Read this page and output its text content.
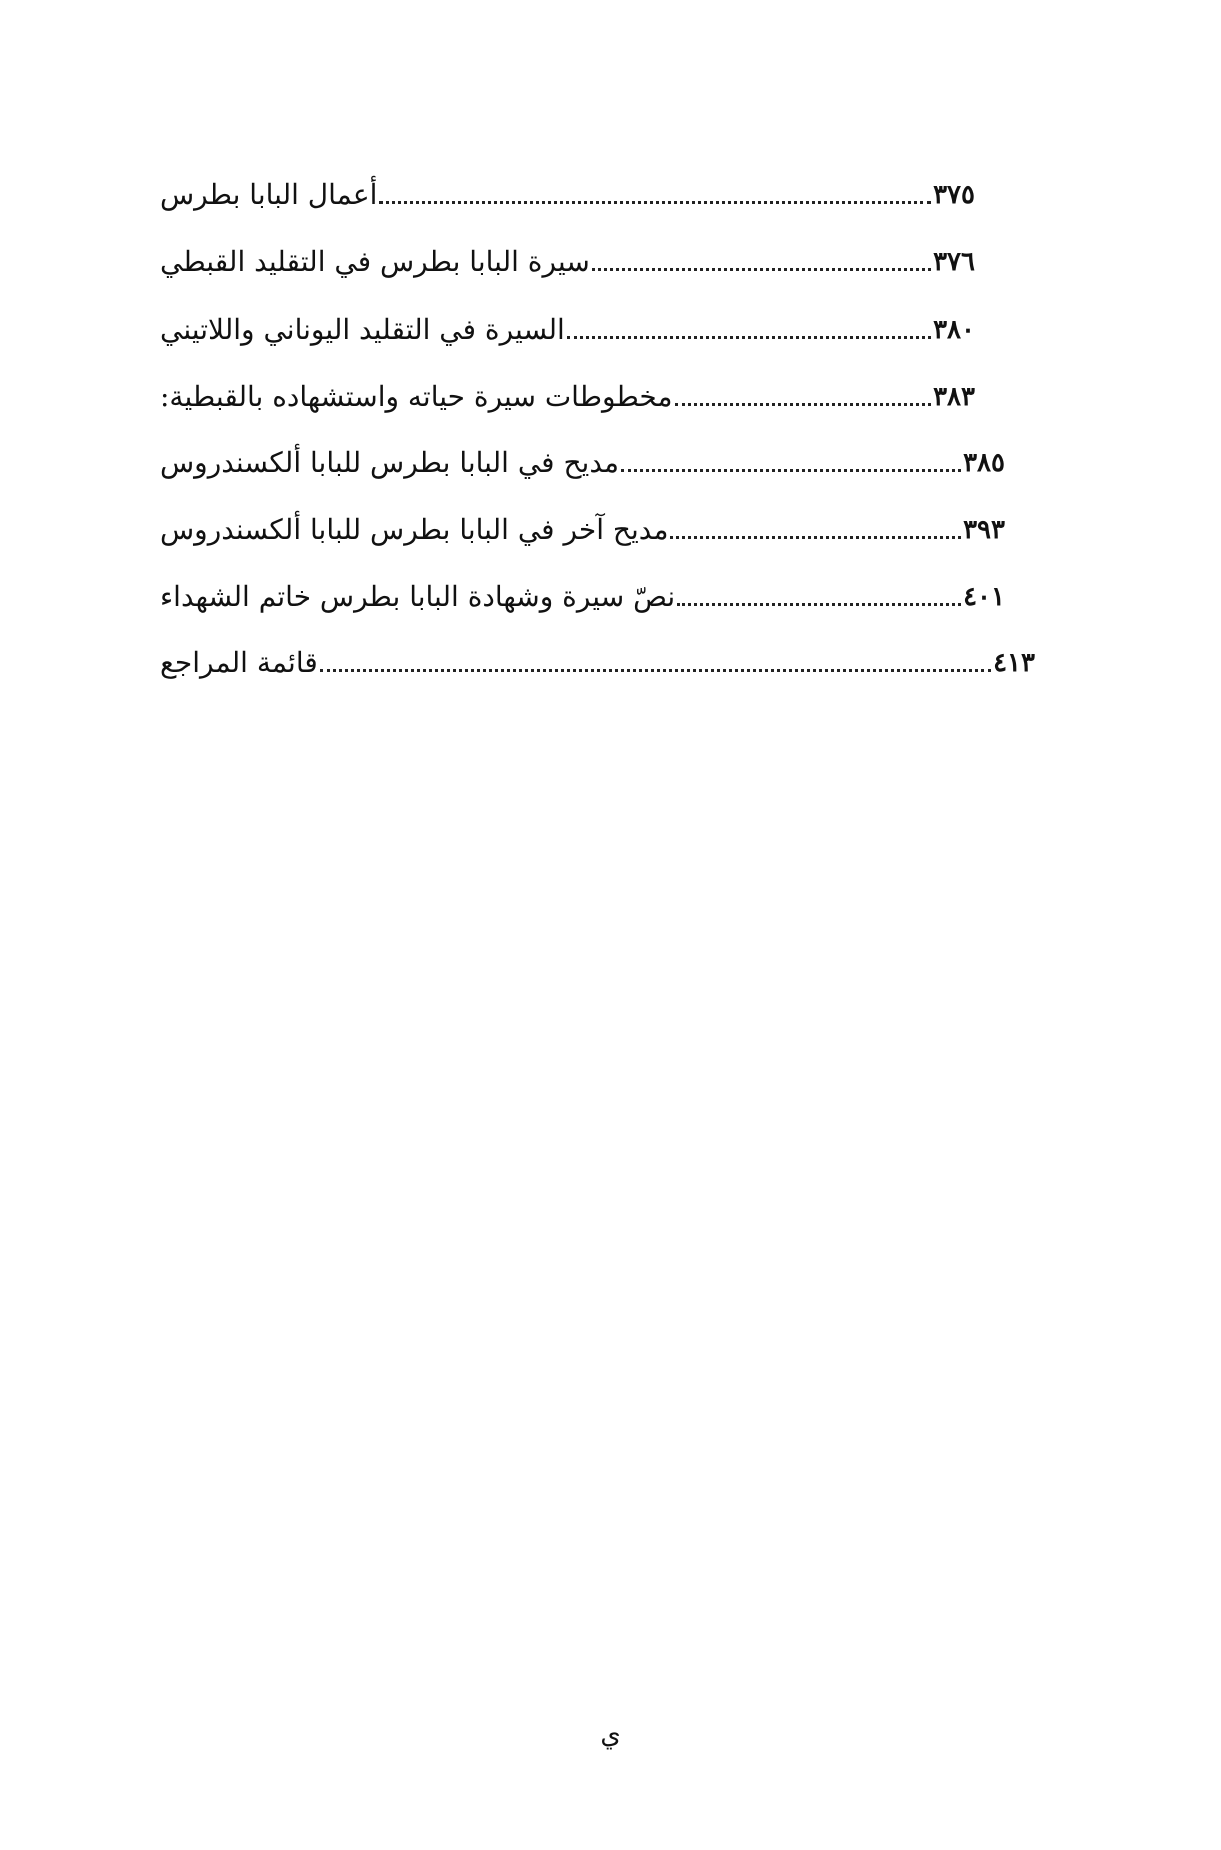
أعمال البابا بطرس	٣٧٥
سيرة البابا بطرس في التقليد القبطي	٣٧٦
السيرة في التقليد اليوناني واللاتيني	٣٨٠
مخطوطات سيرة حياته واستشهاده بالقبطية:	٣٨٣
مديح في البابا بطرس للبابا ألكسندروس	٣٨٥
مديح آخر في البابا بطرس للبابا ألكسندروس	٣٩٣
نصّ سيرة وشهادة البابا بطرس خاتم الشهداء	٤٠١
قائمة المراجع	٤١٣
ي
